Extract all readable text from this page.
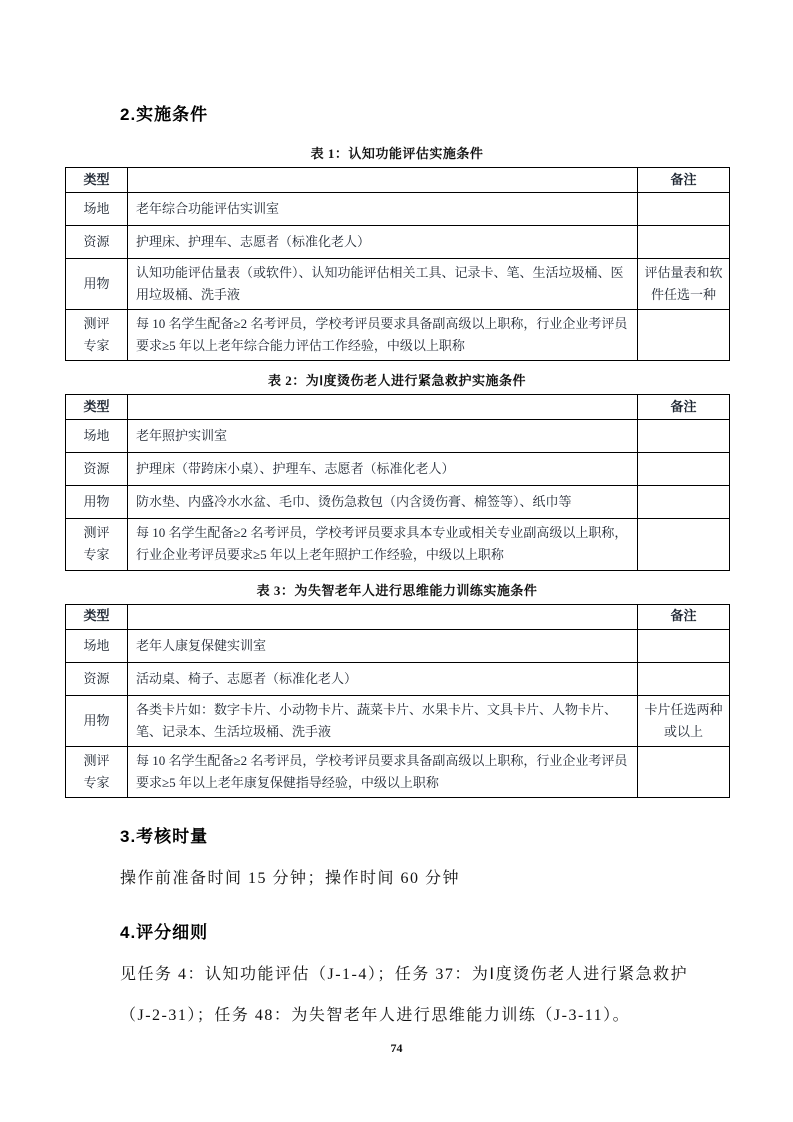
2.实施条件
表 1：认知功能评估实施条件
类型		备注
场地	老年综合功能评估实训室	
资源	护理床、护理车、志愿者（标准化老人）	
用物	认知功能评估量表（或软件）、认知功能评估相关工具、记录卡、笔、生活垃圾桶、医用垃圾桶、洗手液	评估量表和软件任选一种
测评专家	每 10 名学生配备≥2 名考评员，学校考评员要求具备副高级以上职称，行业企业考评员要求≥5 年以上老年综合能力评估工作经验，中级以上职称	
表 2：为Ⅰ度烫伤老人进行紧急救护实施条件
类型		备注
场地	老年照护实训室	
资源	护理床（带跨床小桌）、护理车、志愿者（标准化老人）	
用物	防水垫、内盛冷水水盆、毛巾、烫伤急救包（内含烫伤膏、棉签等）、纸巾等	
测评专家	每 10 名学生配备≥2 名考评员，学校考评员要求具本专业或相关专业副高级以上职称，行业企业考评员要求≥5 年以上老年照护工作经验，中级以上职称	
表 3：为失智老年人进行思维能力训练实施条件
类型		备注
场地	老年人康复保健实训室	
资源	活动桌、椅子、志愿者（标准化老人）	
用物	各类卡片如：数字卡片、小动物卡片、蔬菜卡片、水果卡片、文具卡片、人物卡片、笔、记录本、生活垃圾桶、洗手液	卡片任选两种或以上
测评专家	每 10 名学生配备≥2 名考评员，学校考评员要求具备副高级以上职称，行业企业考评员要求≥5 年以上老年康复保健指导经验，中级以上职称	
3.考核时量

操作前准备时间 15 分钟；操作时间 60 分钟

4.评分细则

见任务 4：认知功能评估（J-1-4）；任务 37：为Ⅰ度烫伤老人进行紧急救护（J-2-31）；任务 48：为失智老年人进行思维能力训练（J-3-11）。

74
